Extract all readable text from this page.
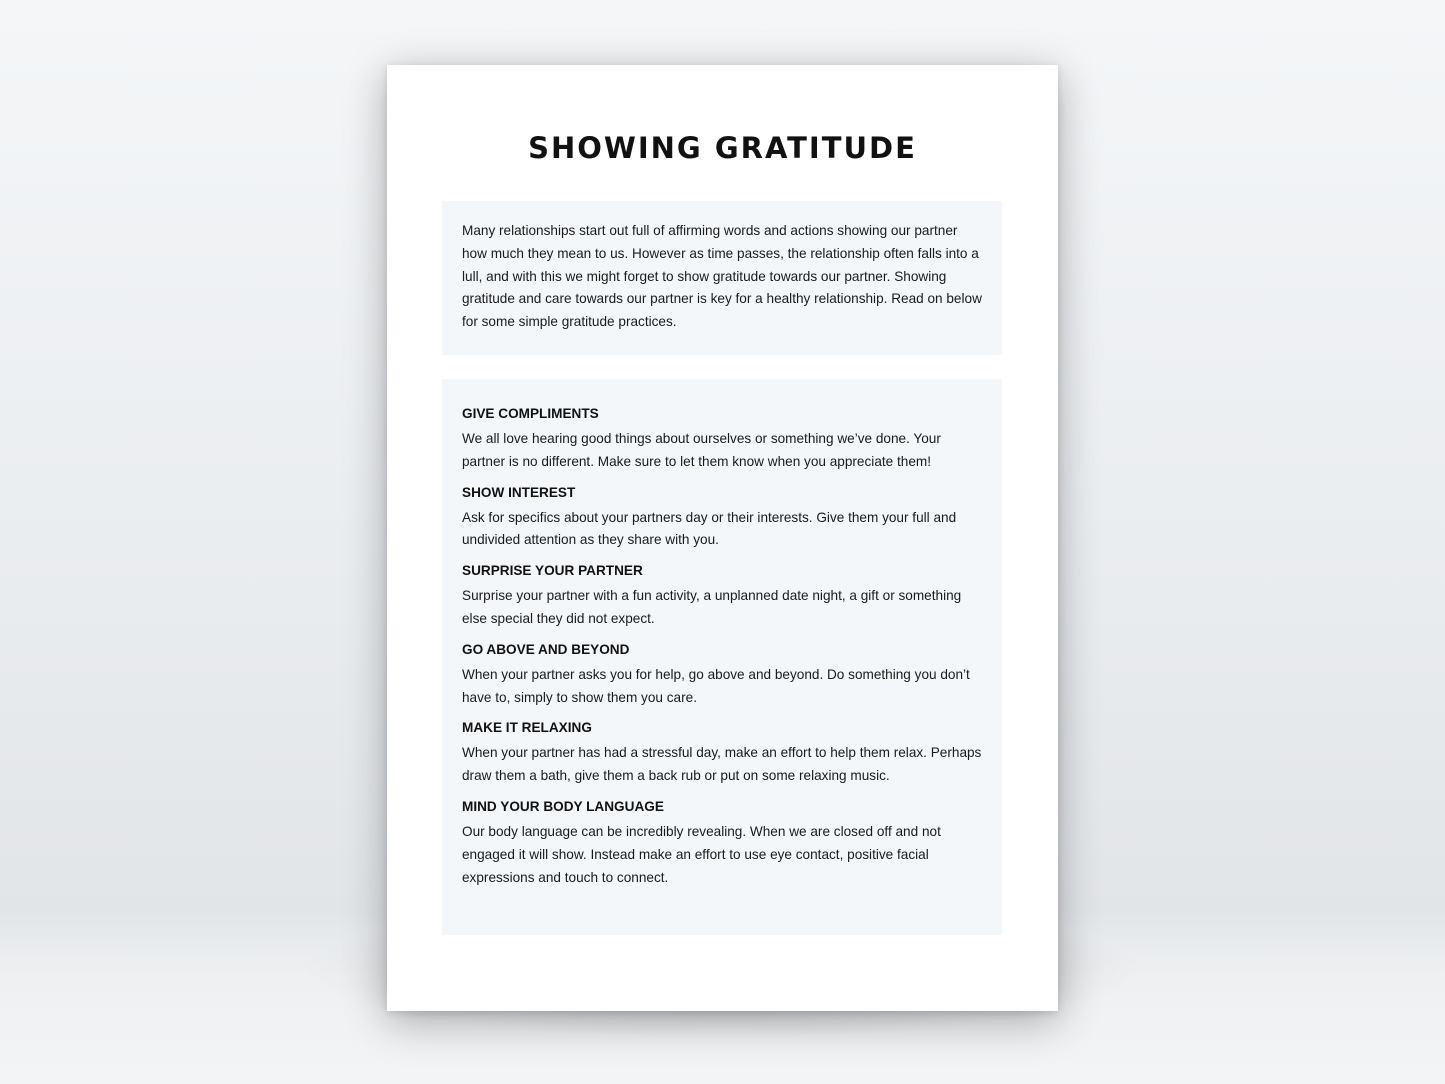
SHOWING GRATITUDE

Many relationships start out full of affirming words and actions showing our partner how much they mean to us. However as time passes, the relationship often falls into a lull, and with this we might forget to show gratitude towards our partner. Showing gratitude and care towards our partner is key for a healthy relationship. Read on below for some simple gratitude practices.

GIVE COMPLIMENTS
We all love hearing good things about ourselves or something we’ve done. Your partner is no different. Make sure to let them know when you appreciate them!
SHOW INTEREST
Ask for specifics about your partners day or their interests. Give them your full and undivided attention as they share with you.
SURPRISE YOUR PARTNER
Surprise your partner with a fun activity, a unplanned date night, a gift or something else special they did not expect.
GO ABOVE AND BEYOND
When your partner asks you for help, go above and beyond. Do something you don’t have to, simply to show them you care.
MAKE IT RELAXING
When your partner has had a stressful day, make an effort to help them relax. Perhaps draw them a bath, give them a back rub or put on some relaxing music.
MIND YOUR BODY LANGUAGE
Our body language can be incredibly revealing. When we are closed off and not engaged it will show. Instead make an effort to use eye contact, positive facial expressions and touch to connect.
